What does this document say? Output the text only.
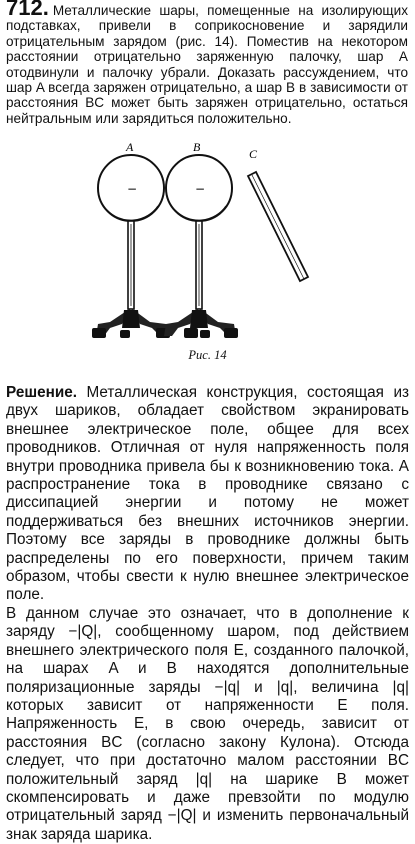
712. Металлические шары, помещенные на изолирующих подставках, привели в соприкосновение и зарядили отрицательным зарядом (рис. 14). Поместив на некотором расстоянии отрицательно заряженную палочку, шар A отодвинули и палочку убрали. Доказать рассуждением, что шар A всегда заряжен отрицательно, а шар B в зависимости от расстояния BC может быть заряжен отрицательно, остаться нейтральным или зарядиться положительно.
A	B	C
−	−
Рис. 14

Решение. Металлическая конструкция, состоящая из двух шариков, обладает свойством экранировать внешнее электрическое поле, общее для всех проводников. Отличная от нуля напряженность поля внутри проводника привела бы к возникновению тока. А распространение тока в проводнике связано с диссипацией энергии и потому не может поддерживаться без внешних источников энергии. Поэтому все заряды в проводнике должны быть распределены по его поверхности, причем таким образом, чтобы свести к нулю внешнее электрическое поле.

В данном случае это означает, что в дополнение к заряду −|Q|, сообщенному шаром, под действием внешнего электрического поля E, созданного палочкой, на шарах A и B находятся дополнительные поляризационные заряды −|q| и |q|, величина |q| которых зависит от напряженности E поля. Напряженность E, в свою очередь, зависит от расстояния BC (согласно закону Кулона). Отсюда следует, что при достаточно малом расстоянии BC положительный заряд |q| на шарике B может скомпенсировать и даже превзойти по модулю отрицательный заряд −|Q| и изменить первоначальный знак заряда шарика.
